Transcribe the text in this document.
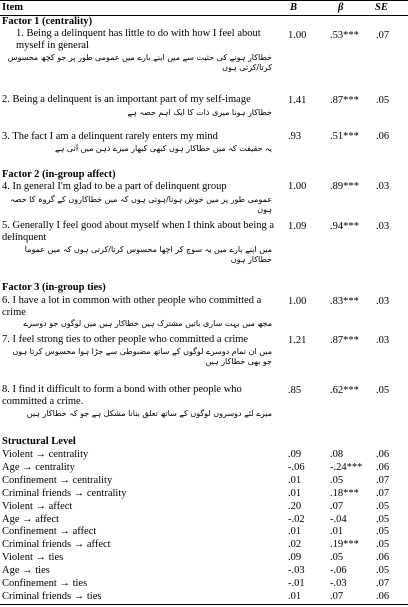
Item	B	β	SE
Factor 1 (centrality)
1. Being a delinquent has little to do with how I feel about myself in general
خطاکار ہونے کی حثیت سے میں اپنے بارے میں عمومی طور پر جو کچھ محسوس کرتا/کرتی ہوں
1.00	.53***	.07
2. Being a delinquent is an important part of my self-image
خطاکار ہونا میری ذات کا ایک اہم حصہ ہے
1.41	.87***	.05
3. The fact I am a delinquent rarely enters my mind
یہ حقیقت کہ میں خطاکار ہوں کبھی کبھار میرے ذہن میں آتی ہے
.93	.51***	.06
Factor 2 (in-group affect)
4. In general I'm glad to be a part of delinquent group
عمومی طور پر میں خوش ہوتا/ہوتی ہوں کہ میں خطاکاروں کے گروہ کا حصہ ہوں
1.00	.89***	.03
5. Generally I feel good about myself when I think about being a delinquent
میں اپنے بارے میں یہ سوچ کر اچھا محسوس کرتا/کرتی ہوں کہ میں عموماً خطاکار ہوں
1.09	.94***	.03
Factor 3 (in-group ties)
6. I have a lot in common with other people who committed a crime
مجھ میں بہت ساری باتیں مشترک ہیں خطاکار ہیں میں لوگوں جو دوسرے
1.00	.83***	.03
7. I feel strong ties to other people who committed a crime
میں ان تمام دوسرے لوگوں کے ساتھ مضبوطی سے جڑا ہوا محسوس کرتا ہوں جو بھی خطاکار ہیں
1.21	.87***	.03
8. I find it difficult to form a bond with other people who committed a crime.
میرے لئے دوسروں لوگوں کے ساتھ تعلق بنانا مشکل ہے جو کہ خطاکار ہیں
.85	.62***	.05
Structural Level
Violent → centrality	.09	.08	.06
Age → centrality	-.06	-.24***	.06
Confinement → centrality	.01	.05	.07
Criminal friends → centrality	.01	.18***	.07
Violent → affect	.20	.07	.05
Age → affect	-.02	-.04	.05
Confinement → affect	.01	.01	.05
Criminal friends → affect	.02	.19***	.05
Violent → ties	.09	.05	.06
Age → ties	-.03	-.06	.05
Confinement → ties	-.01	-.03	.07
Criminal friends → ties	.01	.07	.06
